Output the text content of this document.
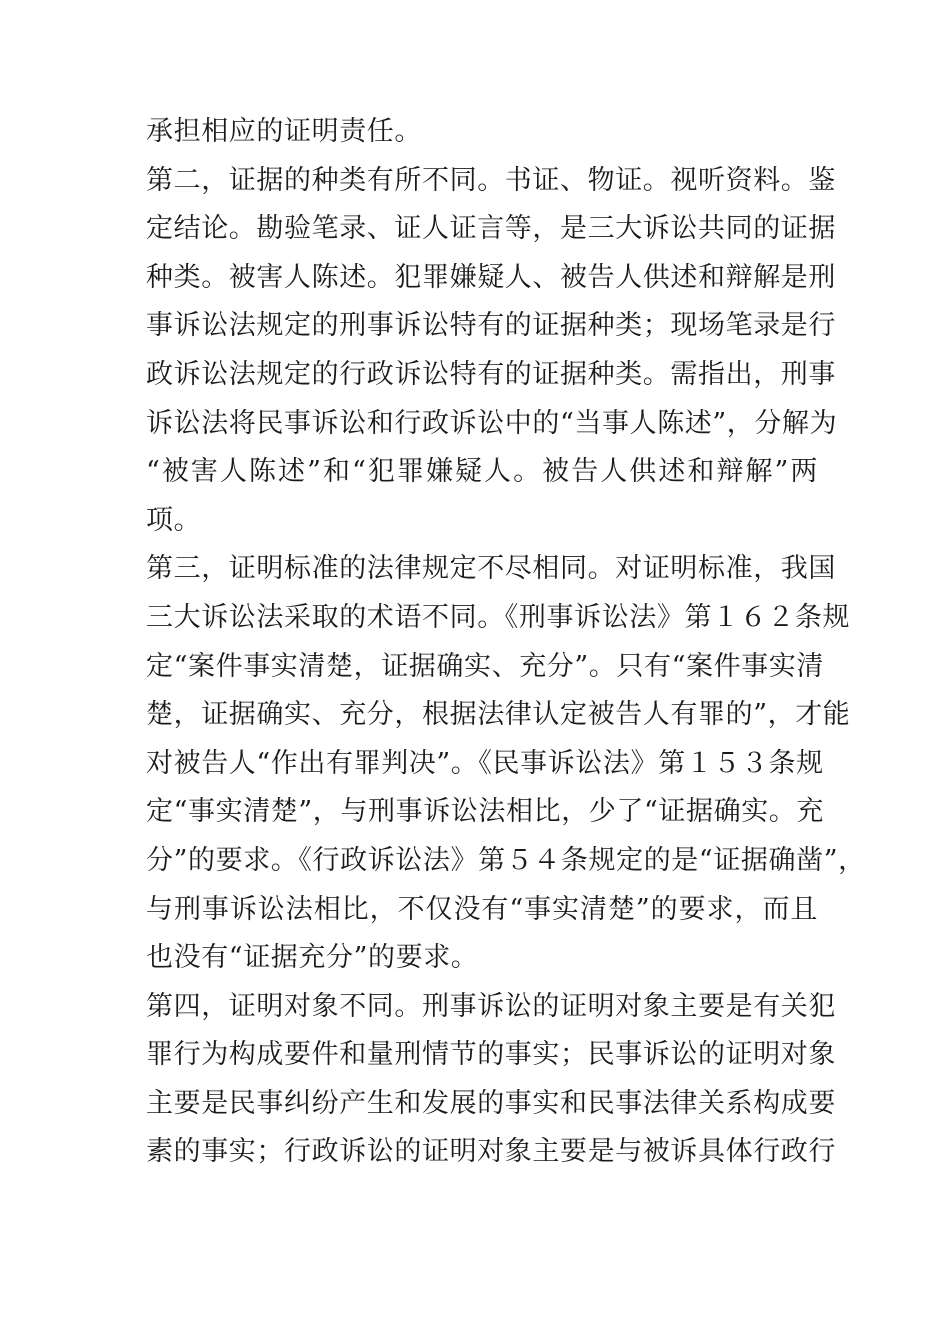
承担相应的证明责任。

第二，证据的种类有所不同。书证、物证。视听资料。鉴
定结论。勘验笔录、证人证言等，是三大诉讼共同的证据
种类。被害人陈述。犯罪嫌疑人、被告人供述和辩解是刑
事诉讼法规定的刑事诉讼特有的证据种类；现场笔录是行
政诉讼法规定的行政诉讼特有的证据种类。需指出，刑事
诉讼法将民事诉讼和行政诉讼中的“当事人陈述”，分解为
“被害人陈述”和“犯罪嫌疑人。被告人供述和辩解”两
项。

第三，证明标准的法律规定不尽相同。对证明标准，我国
三大诉讼法采取的术语不同。《刑事诉讼法》第１６２条规
定“案件事实清楚，证据确实、充分”。只有“案件事实清
楚，证据确实、充分，根据法律认定被告人有罪的”，才能
对被告人“作出有罪判决”。《民事诉讼法》第１５３条规
定“事实清楚”，与刑事诉讼法相比，少了“证据确实。充
分”的要求。《行政诉讼法》第５４条规定的是“证据确凿”，
与刑事诉讼法相比，不仅没有“事实清楚”的要求，而且
也没有“证据充分”的要求。

第四，证明对象不同。刑事诉讼的证明对象主要是有关犯
罪行为构成要件和量刑情节的事实；民事诉讼的证明对象
主要是民事纠纷产生和发展的事实和民事法律关系构成要
素的事实；行政诉讼的证明对象主要是与被诉具体行政行
